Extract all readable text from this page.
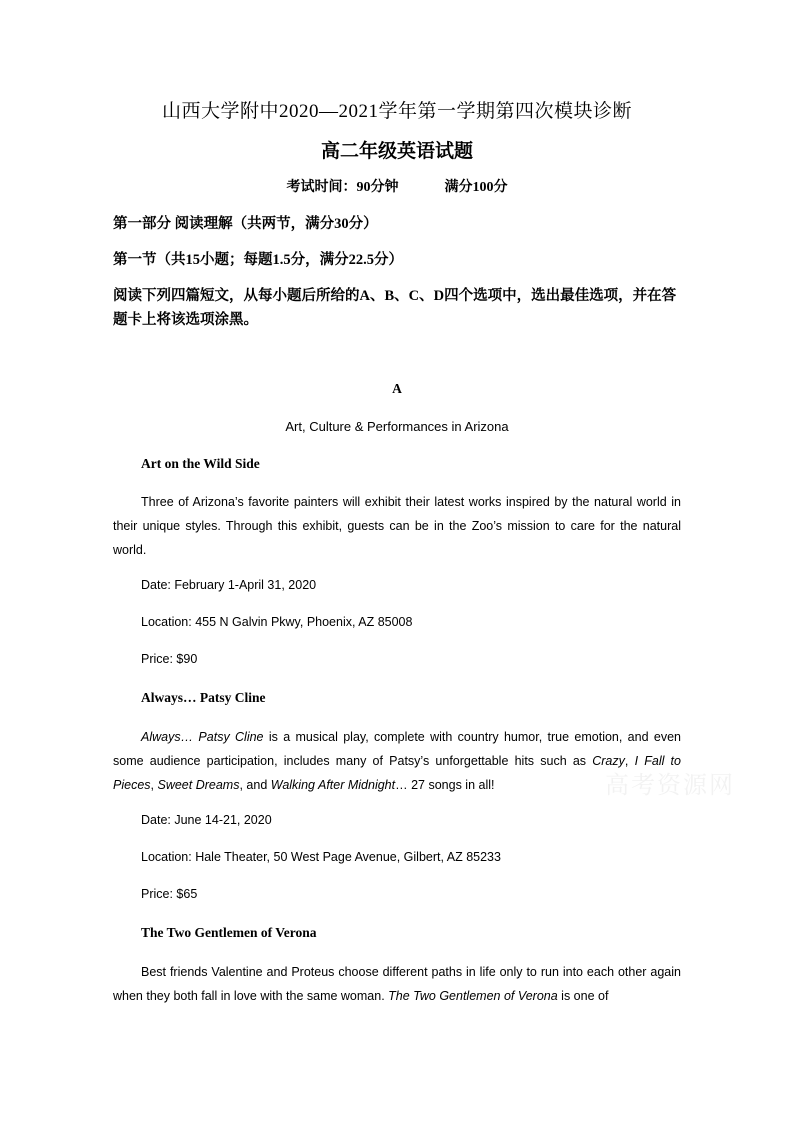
山西大学附中2020—2021学年第一学期第四次模块诊断
高二年级英语试题
考试时间：90分钟	满分100分
第一部分 阅读理解（共两节，满分30分）
第一节（共15小题；每题1.5分，满分22.5分）
阅读下列四篇短文，从每小题后所给的A、B、C、D四个选项中，选出最佳选项，并在答题卡上将该选项涂黑。
A
Art, Culture & Performances in Arizona
Art on the Wild Side
Three of Arizona’s favorite painters will exhibit their latest works inspired by the natural world in their unique styles. Through this exhibit, guests can be in the Zoo’s mission to care for the natural world.
Date: February 1-April 31, 2020
Location: 455 N Galvin Pkwy, Phoenix, AZ 85008
Price: $90
Always… Patsy Cline
Always… Patsy Cline is a musical play, complete with country humor, true emotion, and even some audience participation, includes many of Patsy’s unforgettable hits such as Crazy, I Fall to Pieces, Sweet Dreams, and Walking After Midnight… 27 songs in all!
Date: June 14-21, 2020
Location: Hale Theater, 50 West Page Avenue, Gilbert, AZ 85233
Price: $65
The Two Gentlemen of Verona
Best friends Valentine and Proteus choose different paths in life only to run into each other again when they both fall in love with the same woman. The Two Gentlemen of Verona is one of
高考资源网
